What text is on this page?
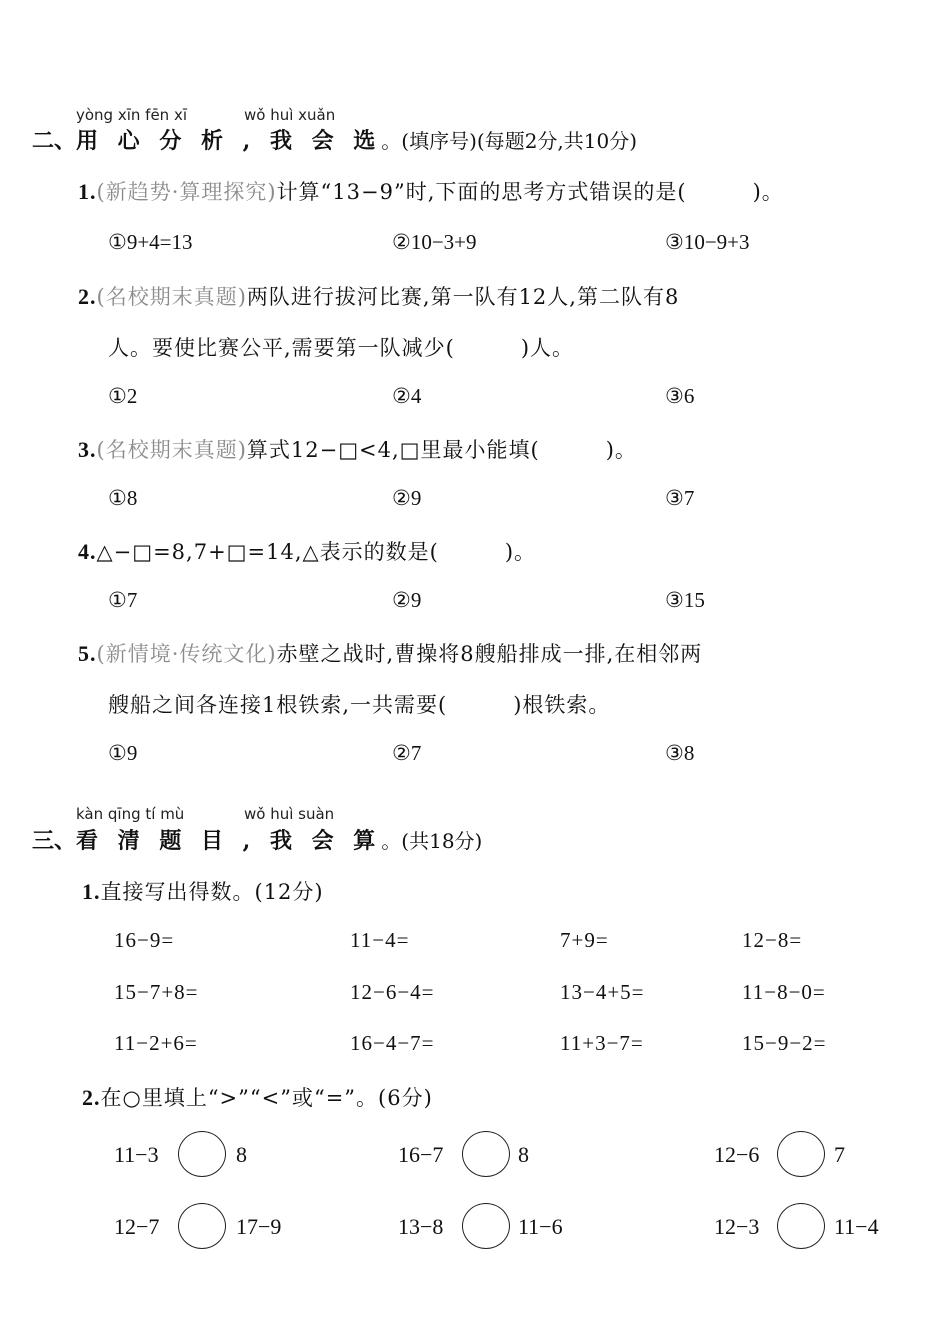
yòng xīn fēn xī	wǒ huì xuǎn
二、用 心 分 析 , 我 会 选。(填序号)(每题2分,共10分)
1.(新趋势·算理探究)计算“13−9”时,下面的思考方式错误的是(　　　)。
①9+4=13	②10−3+9	③10−9+3
2.(名校期末真题)两队进行拔河比赛,第一队有12人,第二队有8
人。要使比赛公平,需要第一队减少(　　　)人。
①2	②4	③6
3.(名校期末真题)算式12−□<4,□里最小能填(　　　)。
①8	②9	③7
4.△−□=8,7+□=14,△表示的数是(　　　)。
①7	②9	③15
5.(新情境·传统文化)赤壁之战时,曹操将8艘船排成一排,在相邻两
艘船之间各连接1根铁索,一共需要(　　　)根铁索。
①9	②7	③8
kàn qīng tí mù	wǒ huì suàn
三、看 清 题 目 , 我 会 算。(共18分)
1.直接写出得数。(12分)
16−9=	11−4=	7+9=	12−8=
15−7+8=	12−6−4=	13−4+5=	11−8−0=
11−2+6=	16−4−7=	11+3−7=	15−9−2=
2.在○里填上“>”“<”或“=”。(6分)
11−3	8	16−7	8	12−6	7
12−7	17−9	13−8	11−6	12−3	11−4
